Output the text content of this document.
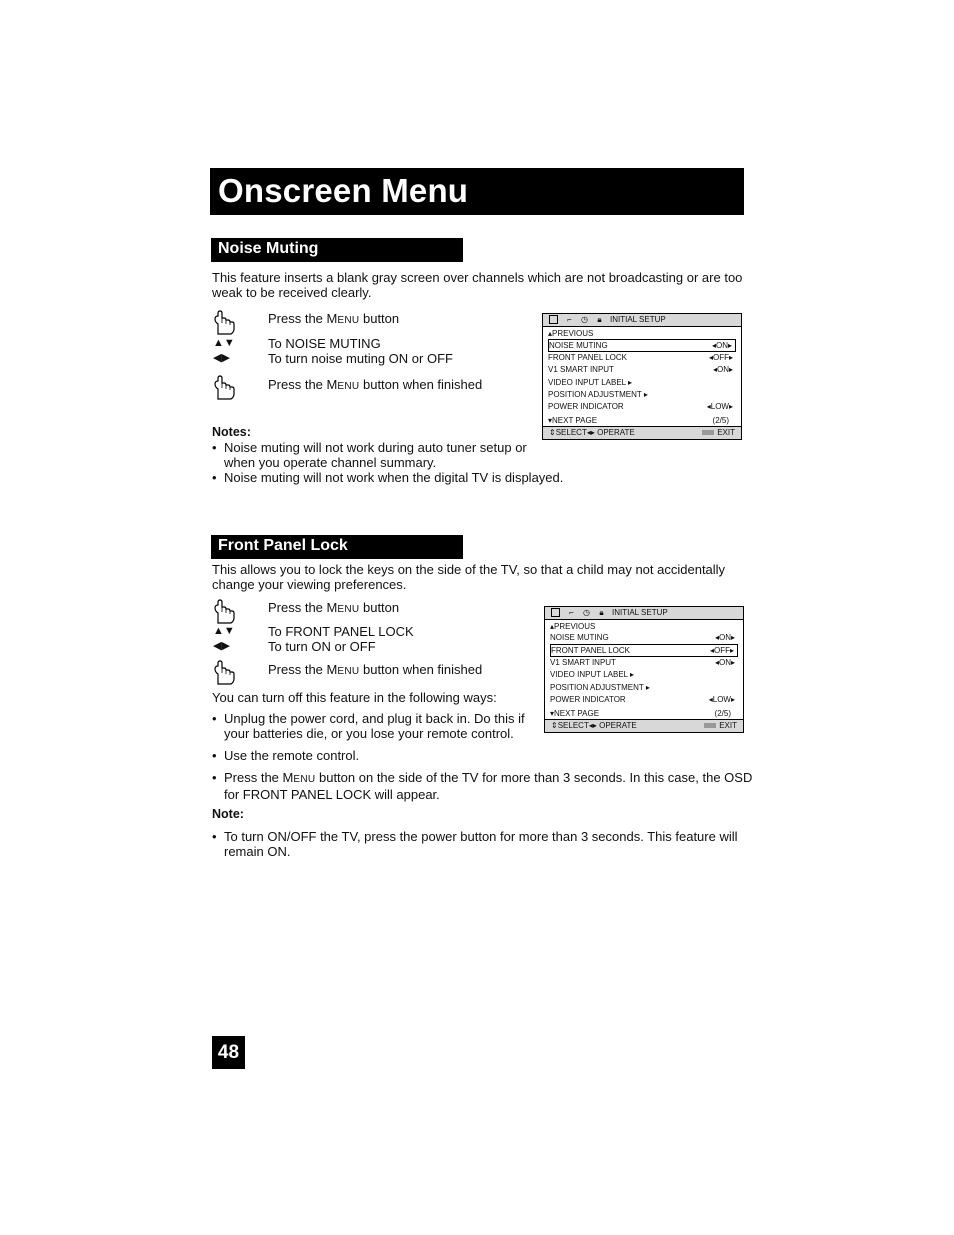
Onscreen Menu
Noise Muting
This feature inserts a blank gray screen over channels which are not broadcasting or are too
weak to be received clearly.
Press the MENU button
▲▼
◀▶
To NOISE MUTING
To turn noise muting ON or OFF
Press the MENU button when finished
⌐ ◷ 🔒︎ INITIAL SETUP
▴PREVIOUS
NOISE MUTING	◂ON▸
FRONT PANEL LOCK	◂OFF▸
V1 SMART INPUT	◂ON▸
VIDEO INPUT LABEL ▸
POSITION ADJUSTMENT ▸
POWER INDICATOR	◂LOW▸
▾NEXT PAGE	(2/5)
⇕SELECT◂▸ OPERATE	EXIT
Notes:
• Noise muting will not work during auto tuner setup or
when you operate channel summary.
• Noise muting will not work when the digital TV is displayed.
Front Panel Lock
This allows you to lock the keys on the side of the TV, so that a child may not accidentally
change your viewing preferences.
Press the MENU button
▲▼
◀▶
To FRONT PANEL LOCK
To turn ON or OFF
Press the MENU button when finished
⌐ ◷ 🔒︎ INITIAL SETUP
▴PREVIOUS
NOISE MUTING	◂ON▸
FRONT PANEL LOCK	◂OFF▸
V1 SMART INPUT	◂ON▸
VIDEO INPUT LABEL ▸
POSITION ADJUSTMENT ▸
POWER INDICATOR	◂LOW▸
▾NEXT PAGE	(2/5)
⇕SELECT◂▸ OPERATE	EXIT
You can turn off this feature in the following ways:
• Unplug the power cord, and plug it back in. Do this if
your batteries die, or you lose your remote control.
• Use the remote control.
• Press the MENU button on the side of the TV for more than 3 seconds. In this case, the OSD
for FRONT PANEL LOCK will appear.
Note:
• To turn ON/OFF the TV, press the power button for more than 3 seconds. This feature will
remain ON.
48
